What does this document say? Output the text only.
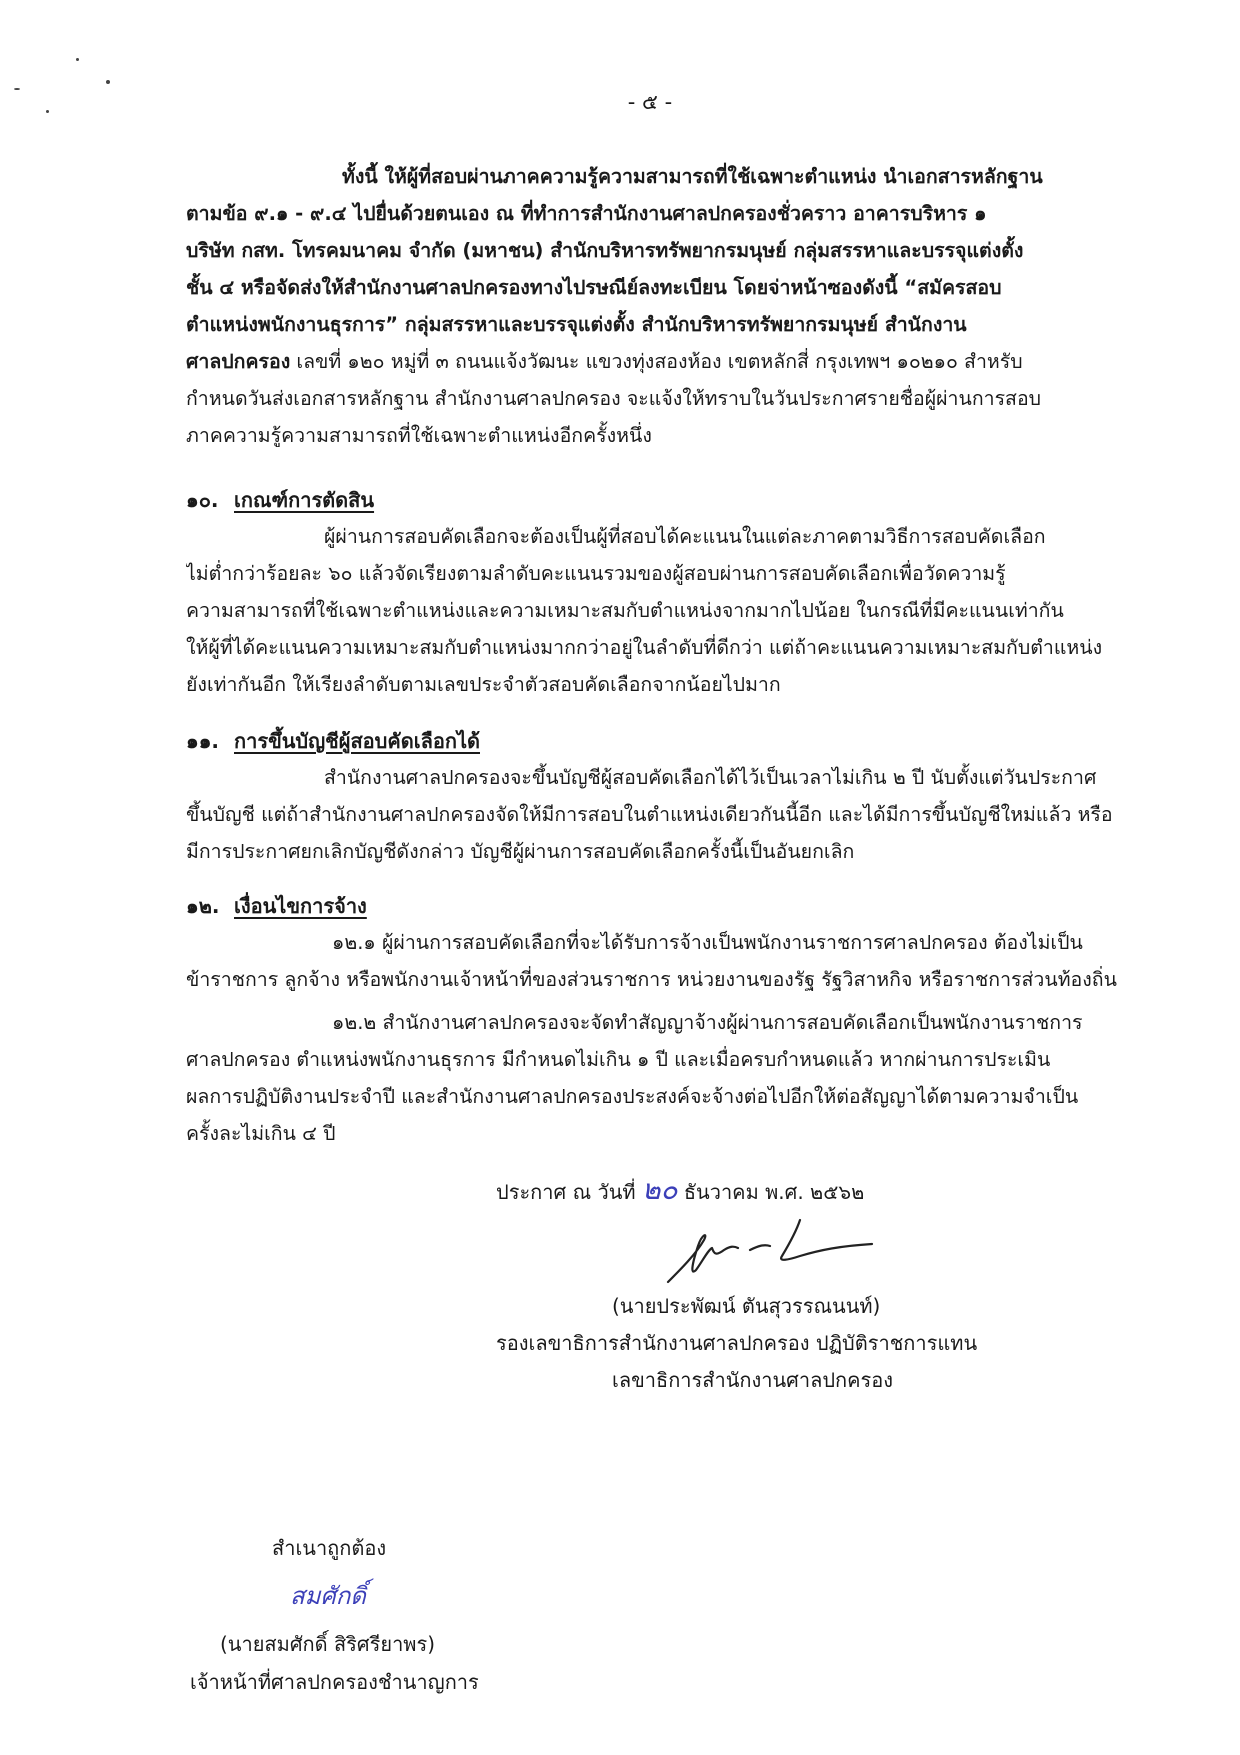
- ๕ -
ทั้งนี้ ให้ผู้ที่สอบผ่านภาคความรู้ความสามารถที่ใช้เฉพาะตำแหน่ง นำเอกสารหลักฐาน
ตามข้อ ๙.๑ - ๙.๔ ไปยื่นด้วยตนเอง ณ ที่ทำการสำนักงานศาลปกครองชั่วคราว อาคารบริหาร ๑
บริษัท กสท. โทรคมนาคม จำกัด (มหาชน) สำนักบริหารทรัพยากรมนุษย์ กลุ่มสรรหาและบรรจุแต่งตั้ง
ชั้น ๔ หรือจัดส่งให้สำนักงานศาลปกครองทางไปรษณีย์ลงทะเบียน โดยจ่าหน้าซองดังนี้ “สมัครสอบ
ตำแหน่งพนักงานธุรการ” กลุ่มสรรหาและบรรจุแต่งตั้ง สำนักบริหารทรัพยากรมนุษย์ สำนักงาน
ศาลปกครอง เลขที่ ๑๒๐ หมู่ที่ ๓ ถนนแจ้งวัฒนะ แขวงทุ่งสองห้อง เขตหลักสี่ กรุงเทพฯ ๑๐๒๑๐ สำหรับ
กำหนดวันส่งเอกสารหลักฐาน สำนักงานศาลปกครอง จะแจ้งให้ทราบในวันประกาศรายชื่อผู้ผ่านการสอบ
ภาคความรู้ความสามารถที่ใช้เฉพาะตำแหน่งอีกครั้งหนึ่ง
๑๐. เกณฑ์การตัดสิน
ผู้ผ่านการสอบคัดเลือกจะต้องเป็นผู้ที่สอบได้คะแนนในแต่ละภาคตามวิธีการสอบคัดเลือก
ไม่ต่ำกว่าร้อยละ ๖๐ แล้วจัดเรียงตามลำดับคะแนนรวมของผู้สอบผ่านการสอบคัดเลือกเพื่อวัดความรู้
ความสามารถที่ใช้เฉพาะตำแหน่งและความเหมาะสมกับตำแหน่งจากมากไปน้อย ในกรณีที่มีคะแนนเท่ากัน
ให้ผู้ที่ได้คะแนนความเหมาะสมกับตำแหน่งมากกว่าอยู่ในลำดับที่ดีกว่า แต่ถ้าคะแนนความเหมาะสมกับตำแหน่ง
ยังเท่ากันอีก ให้เรียงลำดับตามเลขประจำตัวสอบคัดเลือกจากน้อยไปมาก
๑๑. การขึ้นบัญชีผู้สอบคัดเลือกได้
สำนักงานศาลปกครองจะขึ้นบัญชีผู้สอบคัดเลือกได้ไว้เป็นเวลาไม่เกิน ๒ ปี นับตั้งแต่วันประกาศ
ขึ้นบัญชี แต่ถ้าสำนักงานศาลปกครองจัดให้มีการสอบในตำแหน่งเดียวกันนี้อีก และได้มีการขึ้นบัญชีใหม่แล้ว หรือ
มีการประกาศยกเลิกบัญชีดังกล่าว บัญชีผู้ผ่านการสอบคัดเลือกครั้งนี้เป็นอันยกเลิก
๑๒. เงื่อนไขการจ้าง
๑๒.๑ ผู้ผ่านการสอบคัดเลือกที่จะได้รับการจ้างเป็นพนักงานราชการศาลปกครอง ต้องไม่เป็น
ข้าราชการ ลูกจ้าง หรือพนักงานเจ้าหน้าที่ของส่วนราชการ หน่วยงานของรัฐ รัฐวิสาหกิจ หรือราชการส่วนท้องถิ่น
๑๒.๒ สำนักงานศาลปกครองจะจัดทำสัญญาจ้างผู้ผ่านการสอบคัดเลือกเป็นพนักงานราชการ
ศาลปกครอง ตำแหน่งพนักงานธุรการ มีกำหนดไม่เกิน ๑ ปี และเมื่อครบกำหนดแล้ว หากผ่านการประเมิน
ผลการปฏิบัติงานประจำปี และสำนักงานศาลปกครองประสงค์จะจ้างต่อไปอีกให้ต่อสัญญาได้ตามความจำเป็น
ครั้งละไม่เกิน ๔ ปี
ประกาศ ณ วันที่ ๒๐ ธันวาคม พ.ศ. ๒๕๖๒
(นายประพัฒน์ ตันสุวรรณนนท์)
รองเลขาธิการสำนักงานศาลปกครอง ปฏิบัติราชการแทน
เลขาธิการสำนักงานศาลปกครอง
สำเนาถูกต้อง
สมศักดิ์
(นายสมศักดิ์ สิริศรียาพร)
เจ้าหน้าที่ศาลปกครองชำนาญการ
